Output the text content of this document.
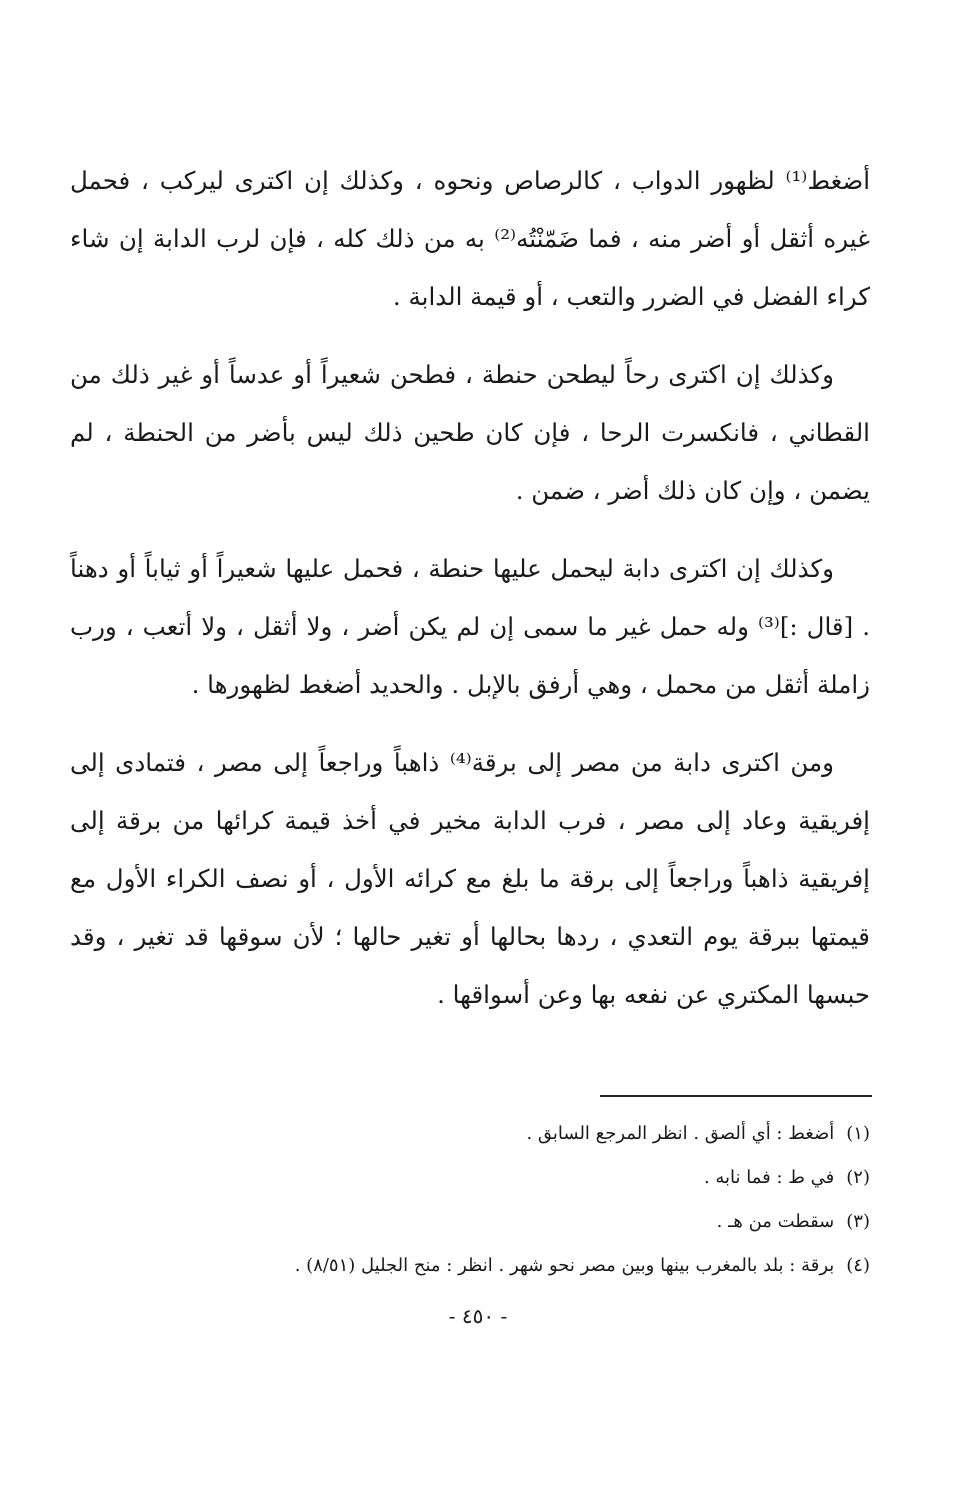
أضغط⁽¹⁾ لظهور الدواب ، كالرصاص ونحوه ، وكذلك إن اكترى ليركب ، فحمل غيره أثقل أو أضر منه ، فما ضَمّنْتُه⁽²⁾ به من ذلك كله ، فإن لرب الدابة إن شاء كراء الفضل في الضرر والتعب ، أو قيمة الدابة .

وكذلك إن اكترى رحاً ليطحن حنطة ، فطحن شعيراً أو عدساً أو غير ذلك من القطاني ، فانكسرت الرحا ، فإن كان طحين ذلك ليس بأضر من الحنطة ، لم يضمن ، وإن كان ذلك أضر ، ضمن .

وكذلك إن اكترى دابة ليحمل عليها حنطة ، فحمل عليها شعيراً أو ثياباً أو دهناً . [قال :]⁽³⁾ وله حمل غير ما سمى إن لم يكن أضر ، ولا أثقل ، ولا أتعب ، ورب زاملة أثقل من محمل ، وهي أرفق بالإبل . والحديد أضغط لظهورها .

ومن اكترى دابة من مصر إلى برقة⁽⁴⁾ ذاهباً وراجعاً إلى مصر ، فتمادى إلى إفريقية وعاد إلى مصر ، فرب الدابة مخير في أخذ قيمة كرائها من برقة إلى إفريقية ذاهباً وراجعاً إلى برقة ما بلغ مع كرائه الأول ، أو نصف الكراء الأول مع قيمتها ببرقة يوم التعدي ، ردها بحالها أو تغير حالها ؛ لأن سوقها قد تغير ، وقد حبسها المكتري عن نفعه بها وعن أسواقها .

(١)أضغط : أي ألصق . انظر المرجع السابق .

(٢)في ط : فما نابه .

(٣)سقطت من هـ .

(٤)برقة : بلد بالمغرب بينها وبين مصر نحو شهر . انظر : منح الجليل (٨/٥١) .

- ٤٥٠ -
